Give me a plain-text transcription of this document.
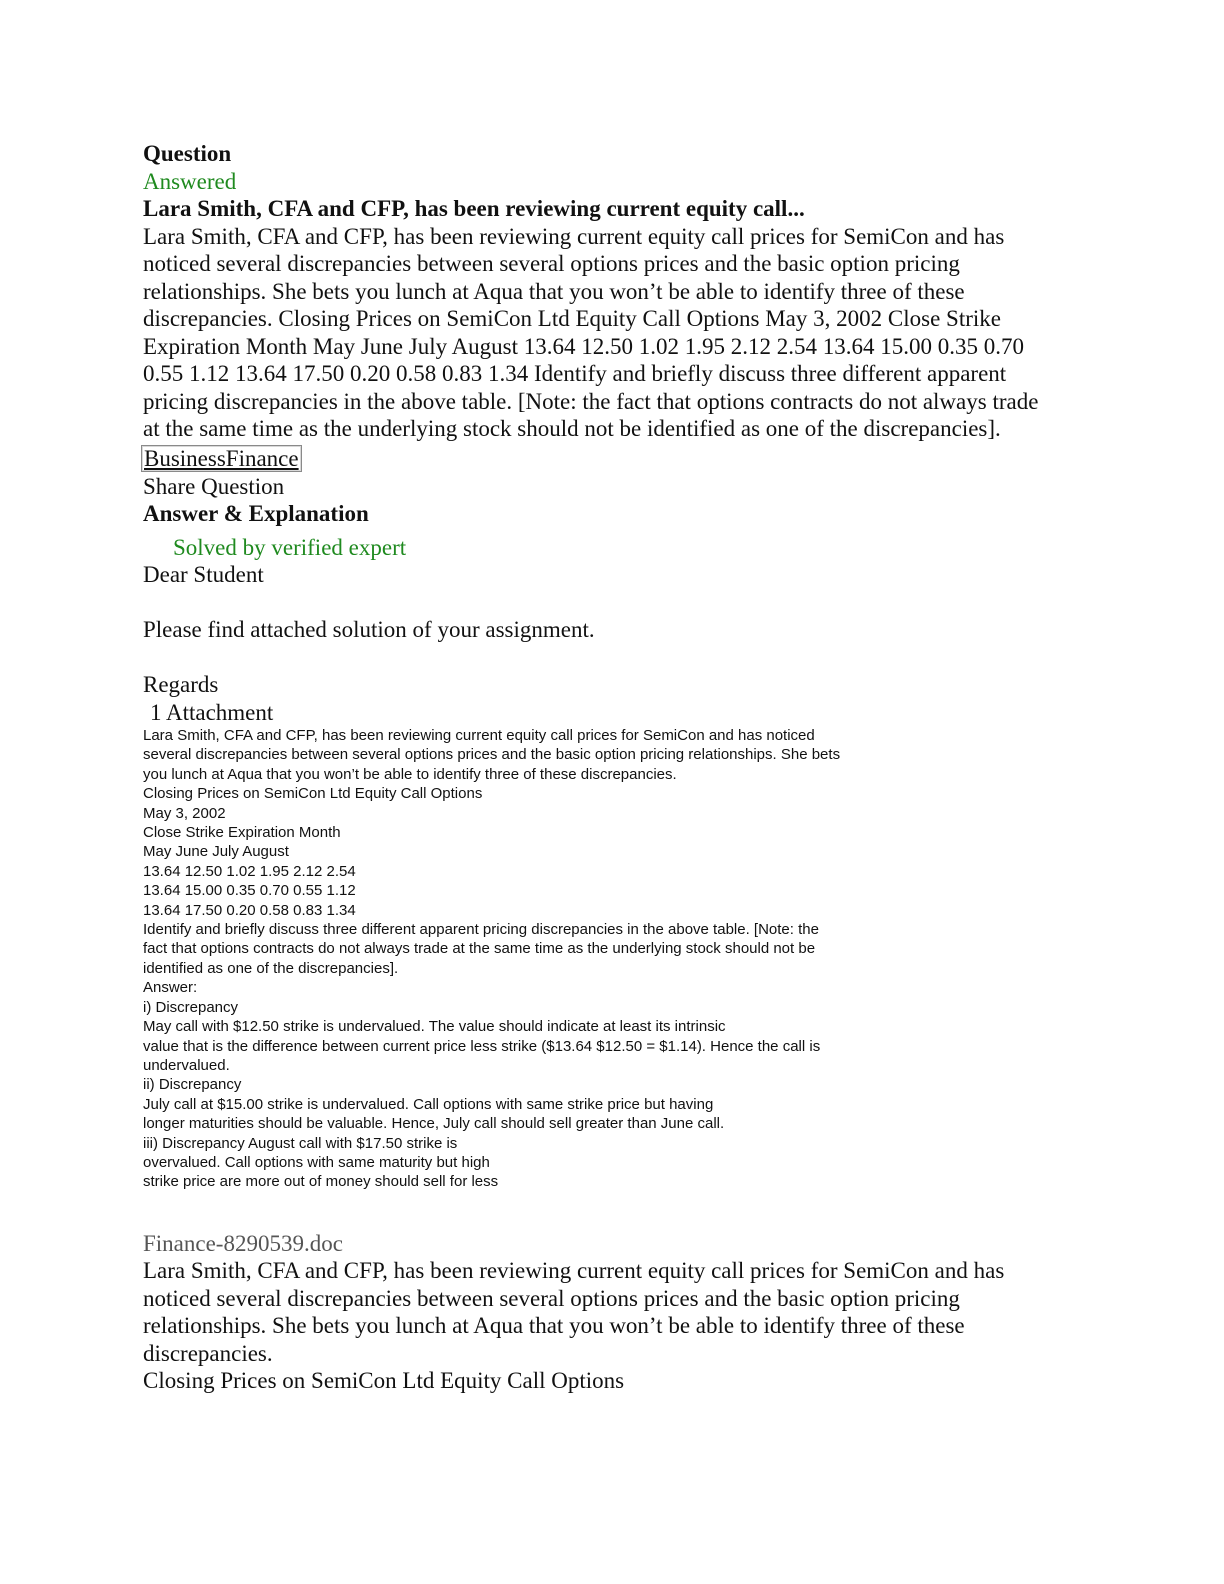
Question
Answered
Lara Smith, CFA and CFP, has been reviewing current equity call...
Lara Smith, CFA and CFP, has been reviewing current equity call prices for SemiCon and has
noticed several discrepancies between several options prices and the basic option pricing
relationships. She bets you lunch at Aqua that you won’t be able to identify three of these
discrepancies. Closing Prices on SemiCon Ltd Equity Call Options May 3, 2002 Close Strike
Expiration Month May June July August 13.64 12.50 1.02 1.95 2.12 2.54 13.64 15.00 0.35 0.70
0.55 1.12 13.64 17.50 0.20 0.58 0.83 1.34 Identify and briefly discuss three different apparent
pricing discrepancies in the above table. [Note: the fact that options contracts do not always trade
at the same time as the underlying stock should not be identified as one of the discrepancies].
BusinessFinance
Share Question
Answer & Explanation
Solved by verified expert
Dear Student
Please find attached solution of your assignment.
Regards
1 Attachment
Lara Smith, CFA and CFP, has been reviewing current equity call prices for SemiCon and has noticed
several discrepancies between several options prices and the basic option pricing relationships. She bets
you lunch at Aqua that you won’t be able to identify three of these discrepancies.
Closing Prices on SemiCon Ltd Equity Call Options
May 3, 2002
Close Strike Expiration Month
May June July August
13.64 12.50 1.02 1.95 2.12 2.54
13.64 15.00 0.35 0.70 0.55 1.12
13.64 17.50 0.20 0.58 0.83 1.34
Identify and briefly discuss three different apparent pricing discrepancies in the above table. [Note: the
fact that options contracts do not always trade at the same time as the underlying stock should not be
identified as one of the discrepancies].
Answer:
i) Discrepancy
May call with $12.50 strike is undervalued. The value should indicate at least its intrinsic
value that is the difference between current price less strike ($13.64 $12.50 = $1.14). Hence the call is
undervalued.
ii) Discrepancy
July call at $15.00 strike is undervalued. Call options with same strike price but having
longer maturities should be valuable. Hence, July call should sell greater than June call.
iii) Discrepancy August call with $17.50 strike is
overvalued. Call options with same maturity but high
strike price are more out of money should sell for less
Finance-8290539.doc
Lara Smith, CFA and CFP, has been reviewing current equity call prices for SemiCon and has
noticed several discrepancies between several options prices and the basic option pricing
relationships. She bets you lunch at Aqua that you won’t be able to identify three of these
discrepancies.
Closing Prices on SemiCon Ltd Equity Call Options
